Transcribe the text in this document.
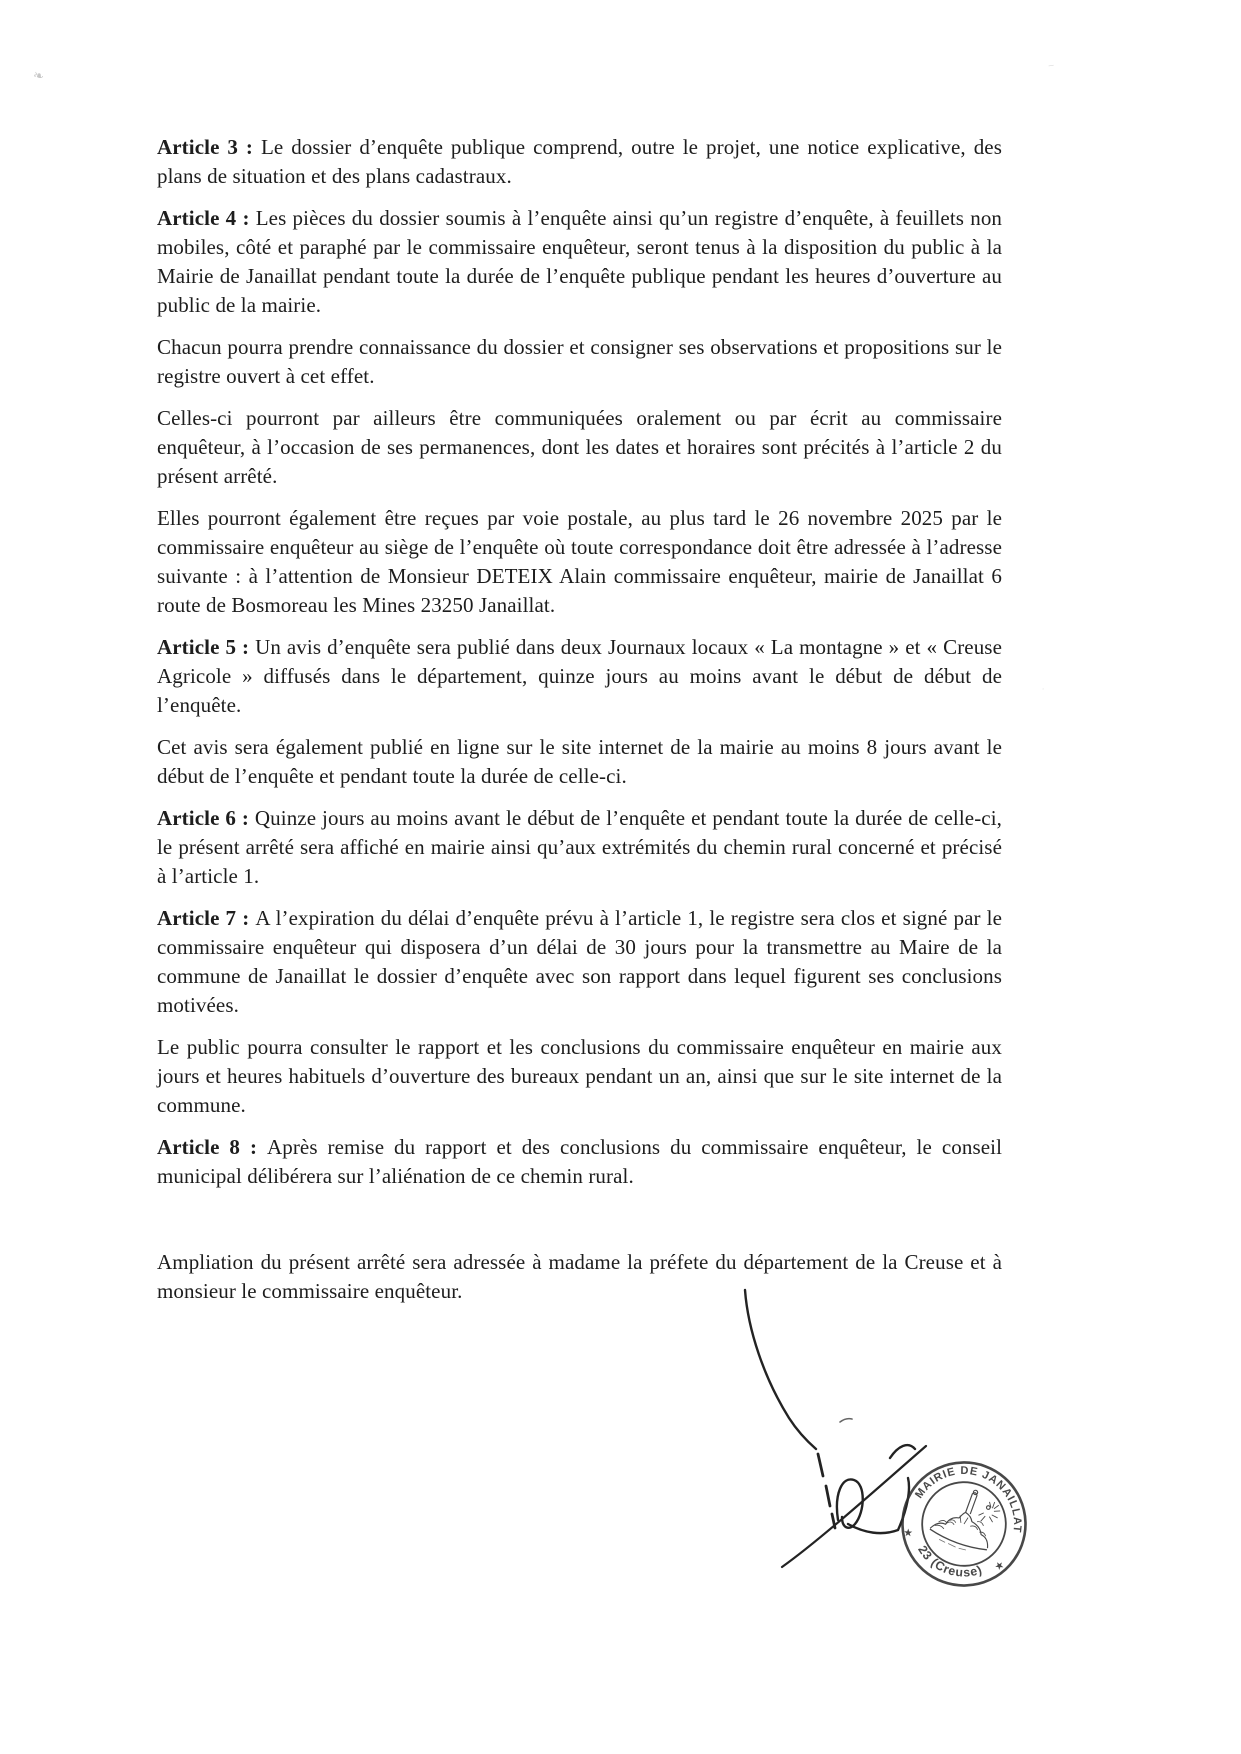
❧	⁻
·

Article 3 : Le dossier d’enquête publique comprend, outre le projet, une notice explicative, des plans de situation et des plans cadastraux.

Article 4 : Les pièces du dossier soumis à l’enquête ainsi qu’un registre d’enquête, à feuillets non mobiles, côté et paraphé par le commissaire enquêteur, seront tenus à la disposition du public à la Mairie de Janaillat pendant toute la durée de l’enquête publique pendant les heures d’ouverture au public de la mairie.

Chacun pourra prendre connaissance du dossier et consigner ses observations et propositions sur le registre ouvert à cet effet.

Celles-ci pourront par ailleurs être communiquées oralement ou par écrit au commissaire enquêteur, à l’occasion de ses permanences, dont les dates et horaires sont précités à l’article 2 du présent arrêté.

Elles pourront également être reçues par voie postale, au plus tard le 26 novembre 2025 par le commissaire enquêteur au siège de l’enquête où toute correspondance doit être adressée à l’adresse suivante : à l’attention de Monsieur DETEIX Alain commissaire enquêteur, mairie de Janaillat 6 route de Bosmoreau les Mines 23250 Janaillat.

Article 5 : Un avis d’enquête sera publié dans deux Journaux locaux « La montagne » et « Creuse Agricole » diffusés dans le département, quinze jours au moins avant le début de début de l’enquête.

Cet avis sera également publié en ligne sur le site internet de la mairie au moins 8 jours avant le début de l’enquête et pendant toute la durée de celle-ci.

Article 6 : Quinze jours au moins avant le début de l’enquête et pendant toute la durée de celle-ci, le présent arrêté sera affiché en mairie ainsi qu’aux extrémités du chemin rural concerné et précisé à l’article 1.

Article 7 : A l’expiration du délai d’enquête prévu à l’article 1, le registre sera clos et signé par le commissaire enquêteur qui disposera d’un délai de 30 jours pour la transmettre au Maire de la commune de Janaillat le dossier d’enquête avec son rapport dans lequel figurent ses conclusions motivées.

Le public pourra consulter le rapport et les conclusions du commissaire enquêteur en mairie aux jours et heures habituels d’ouverture des bureaux pendant un an, ainsi que sur le site internet de la commune.

Article 8 : Après remise du rapport et des conclusions du commissaire enquêteur, le conseil municipal délibérera sur l’aliénation de ce chemin rural.

Ampliation du présent arrêté sera adressée à madame la préfete du département de la Creuse et à monsieur le commissaire enquêteur.

MAIRIE DE JANAILLAT
23 (Creuse)
★
★
